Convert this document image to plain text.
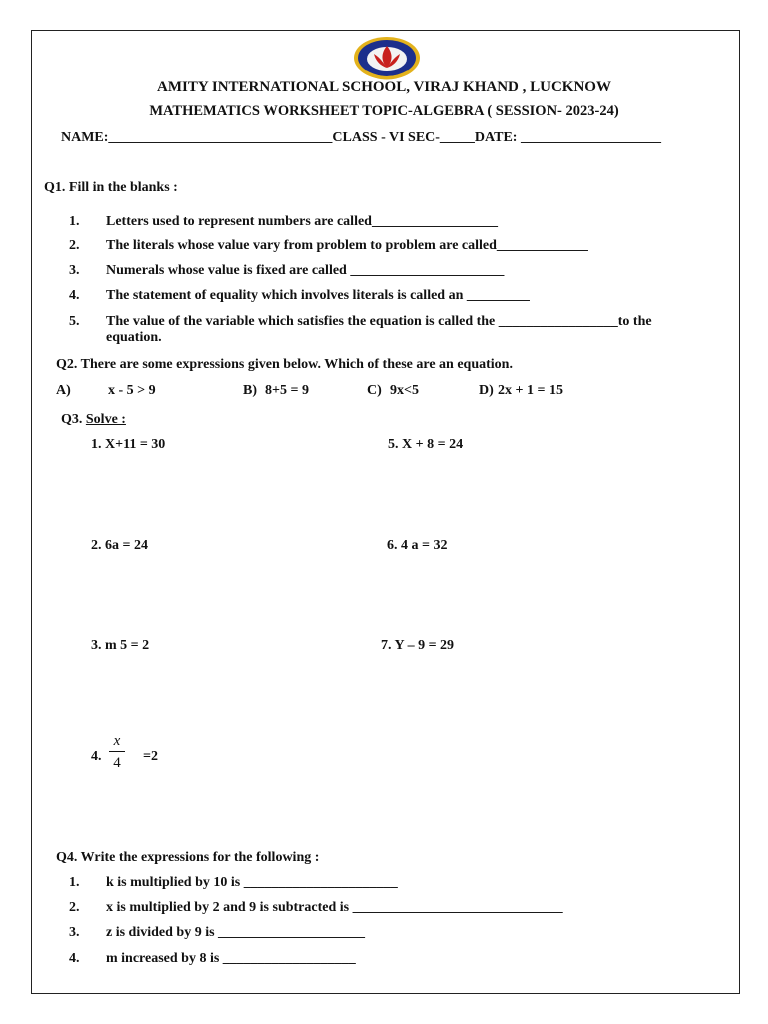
AMITY INTERNATIONAL SCHOOL, VIRAJ KHAND , LUCKNOW
MATHEMATICS WORKSHEET TOPIC-ALGEBRA ( SESSION- 2023-24)
NAME:________________________________CLASS - VI SEC-_____DATE: ____________________
Q1. Fill in the blanks :
1. Letters used to represent numbers are called__________________
2. The literals whose value vary from problem to problem are called_____________
3. Numerals whose value is fixed are called ______________________
4. The statement of equality which involves literals is called an _________
5. The value of the variable which satisfies the equation is called the _________________to the
equation.
Q2. There are some expressions given below. Which of these are an equation.
A)	x - 5 > 9	B) 8+5 = 9	C) 9x<5	D) 2x + 1 = 15
Q3. Solve :
1. X+11 = 30	5. X + 8 = 24
2. 6a = 24	6. 4 a = 32
3. m 5 = 2	7. Y – 9 = 29
4.
x
4	=2
Q4. Write the expressions for the following :
1. k is multiplied by 10 is ______________________
2. x is multiplied by 2 and 9 is subtracted is ______________________________
3. z is divided by 9 is _____________________
4. m increased by 8 is ___________________
